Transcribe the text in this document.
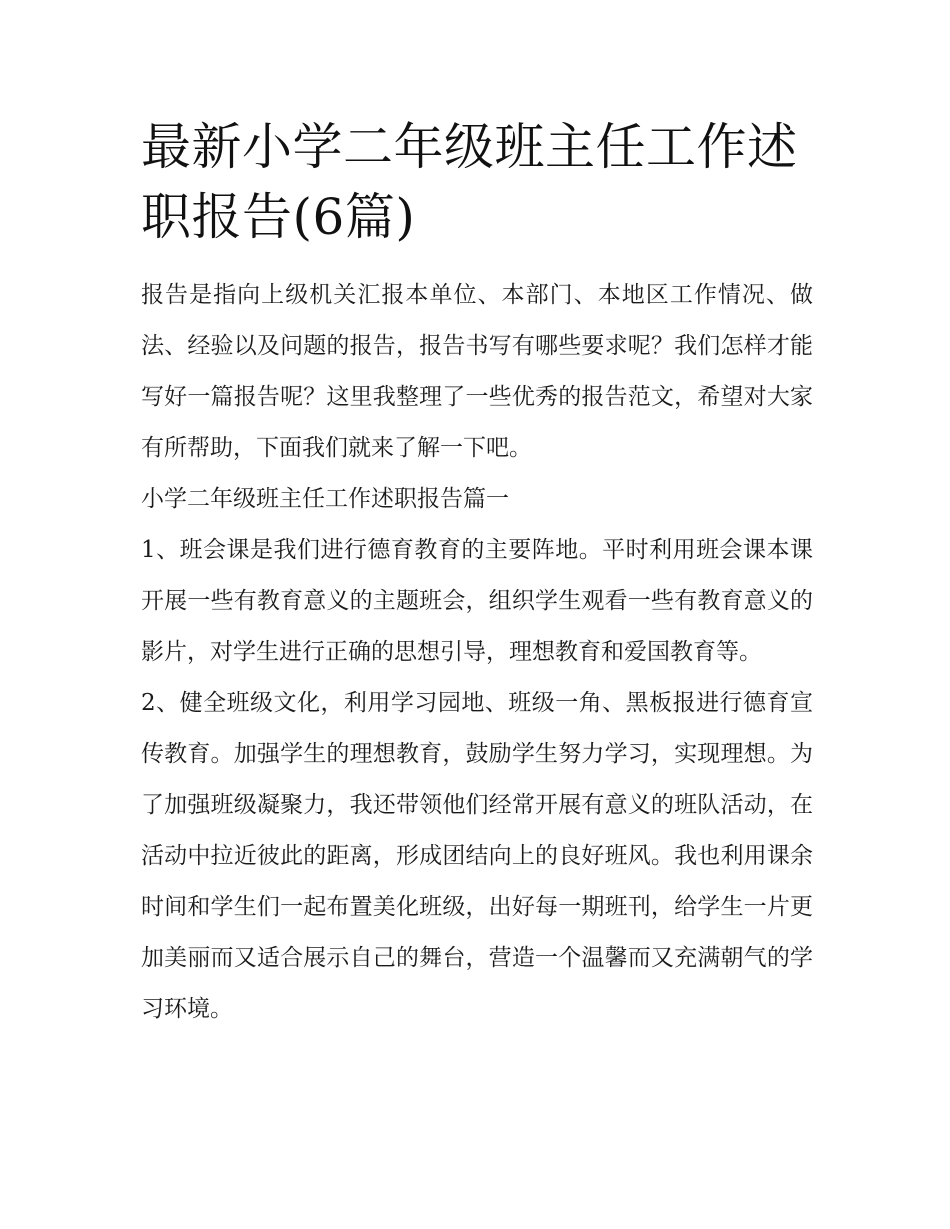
最新小学二年级班主任工作述职报告(6篇)

报告是指向上级机关汇报本单位、本部门、本地区工作情况、做法、经验以及问题的报告，报告书写有哪些要求呢？我们怎样才能写好一篇报告呢？这里我整理了一些优秀的报告范文，希望对大家有所帮助，下面我们就来了解一下吧。

小学二年级班主任工作述职报告篇一

1、班会课是我们进行德育教育的主要阵地。平时利用班会课本课开展一些有教育意义的主题班会，组织学生观看一些有教育意义的影片，对学生进行正确的思想引导，理想教育和爱国教育等。

2、健全班级文化，利用学习园地、班级一角、黑板报进行德育宣传教育。加强学生的理想教育，鼓励学生努力学习，实现理想。为了加强班级凝聚力，我还带领他们经常开展有意义的班队活动，在活动中拉近彼此的距离，形成团结向上的良好班风。我也利用课余时间和学生们一起布置美化班级，出好每一期班刊，给学生一片更加美丽而又适合展示自己的舞台，营造一个温馨而又充满朝气的学习环境。
